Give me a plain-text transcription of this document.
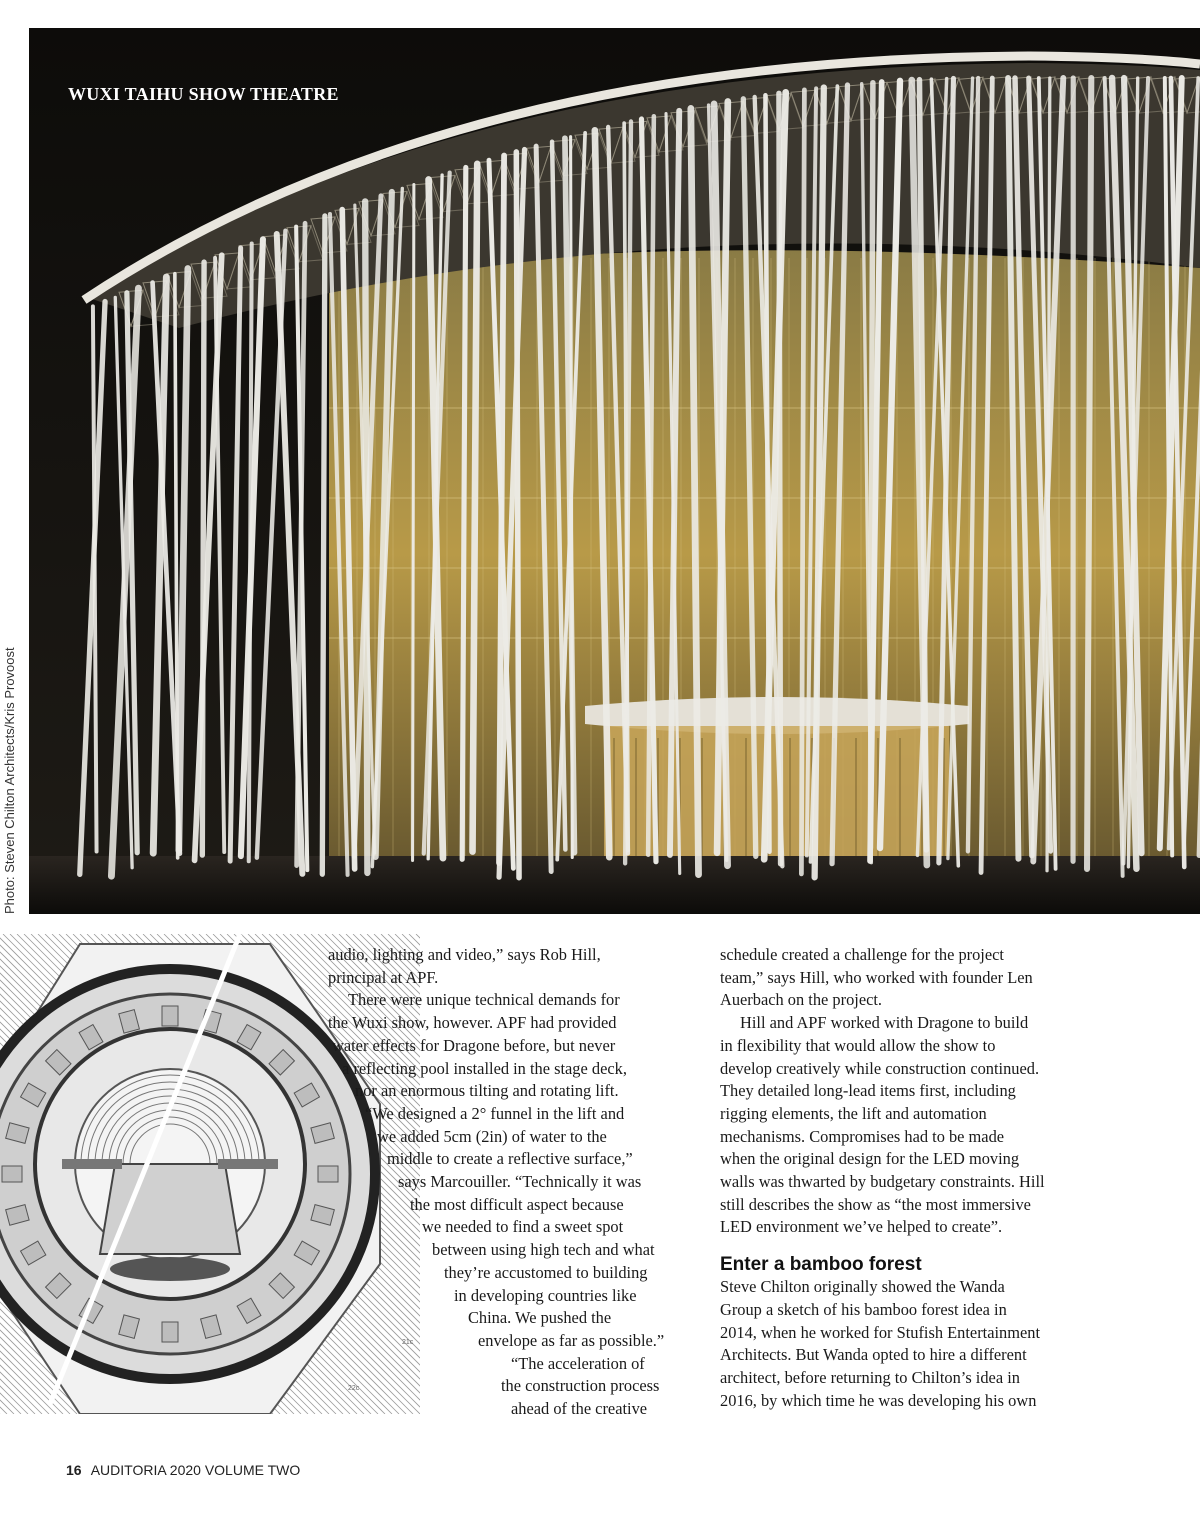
WUXI TAIHU SHOW THEATRE
Photo: Steven Chilton Architects/Kris Provoost
21c
22c
audio, lighting and video,” says Rob Hill,
principal at APF.
There were unique technical demands for
the Wuxi show, however. APF had provided
water effects for Dragone before, but never
a reflecting pool installed in the stage deck,
nor an enormous tilting and rotating lift.
“We designed a 2° funnel in the lift and
we added 5cm (2in) of water to the
middle to create a reflective surface,”
says Marcouiller. “Technically it was
the most difficult aspect because
we needed to find a sweet spot
between using high tech and what
they’re accustomed to building
in developing countries like
China. We pushed the
envelope as far as possible.”
“The acceleration of
the construction process
ahead of the creative
schedule created a challenge for the project
team,” says Hill, who worked with founder Len
Auerbach on the project.
Hill and APF worked with Dragone to build
in flexibility that would allow the show to
develop creatively while construction continued.
They detailed long-lead items first, including
rigging elements, the lift and automation
mechanisms. Compromises had to be made
when the original design for the LED moving
walls was thwarted by budgetary constraints. Hill
still describes the show as “the most immersive
LED environment we’ve helped to create”.
Enter a bamboo forest
Steve Chilton originally showed the Wanda
Group a sketch of his bamboo forest idea in
2014, when he worked for Stufish Entertainment
Architects. But Wanda opted to hire a different
architect, before returning to Chilton’s idea in
2016, by which time he was developing his own
16 AUDITORIA 2020 VOLUME TWO
